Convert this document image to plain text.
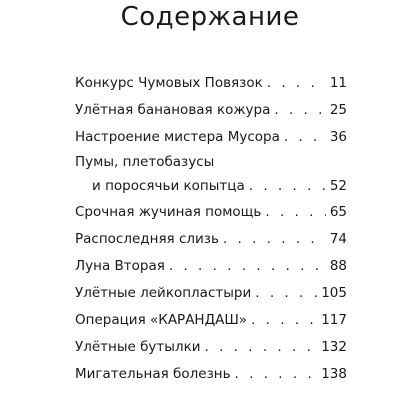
Содержание
Конкурс Чумовых Повязок . . .	11
Улётная банановая кожура . . .	25
Настроение мистера Мусора . . .	36
Пумы, плетобазусы
и поросячьи копытца . . .	52
Срочная жучиная помощь . . .	65
Распоследняя слизь . . .	74
Луна Вторая . . .	88
Улётные лейкопластыри . . .	105
Операция «КАРАНДАШ» . . .	117
Улётные бутылки . . .	132
Мигательная болезнь . . .	138
